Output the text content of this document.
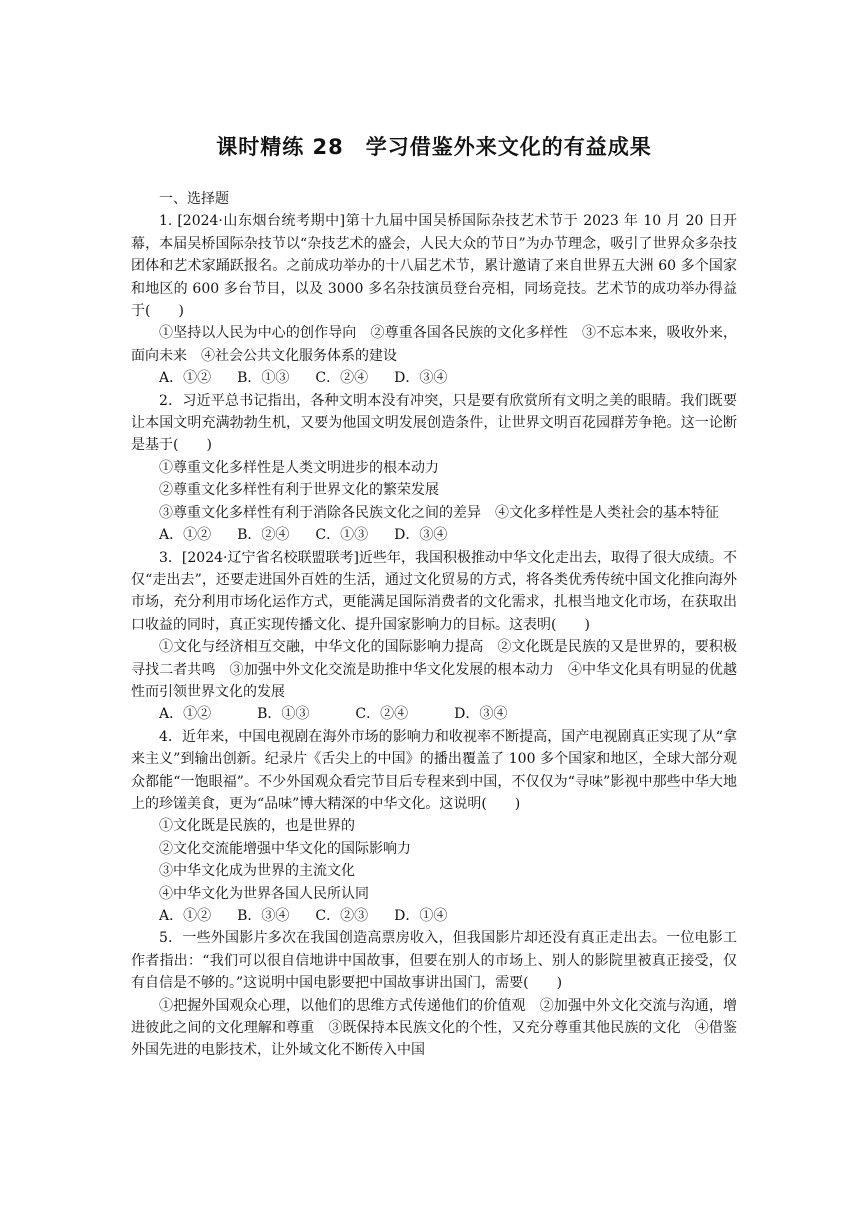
课时精练 28　学习借鉴外来文化的有益成果

一、选择题

1. [2024·山东烟台统考期中]第十九届中国吴桥国际杂技艺术节于 2023 年 10 月 20 日开幕，本届吴桥国际杂技节以“杂技艺术的盛会，人民大众的节日”为办节理念，吸引了世界众多杂技团体和艺术家踊跃报名。之前成功举办的十八届艺术节，累计邀请了来自世界五大洲 60 多个国家和地区的 600 多台节目，以及 3000 多名杂技演员登台亮相，同场竞技。艺术节的成功举办得益于(　　)

①坚持以人民为中心的创作导向　②尊重各国各民族的文化多样性　③不忘本来，吸收外来，面向未来　④社会公共文化服务体系的建设

A．①② B．①③ C．②④ D．③④

2．习近平总书记指出，各种文明本没有冲突，只是要有欣赏所有文明之美的眼睛。我们既要让本国文明充满勃勃生机，又要为他国文明发展创造条件，让世界文明百花园群芳争艳。这一论断是基于(　　)

①尊重文化多样性是人类文明进步的根本动力

②尊重文化多样性有利于世界文化的繁荣发展

③尊重文化多样性有利于消除各民族文化之间的差异　④文化多样性是人类社会的基本特征

A．①② B．②④ C．①③ D．③④

3．[2024·辽宁省名校联盟联考]近些年，我国积极推动中华文化走出去，取得了很大成绩。不仅“走出去”，还要走进国外百姓的生活，通过文化贸易的方式，将各类优秀传统中国文化推向海外市场，充分利用市场化运作方式，更能满足国际消费者的文化需求，扎根当地文化市场，在获取出口收益的同时，真正实现传播文化、提升国家影响力的目标。这表明(　　)

①文化与经济相互交融，中华文化的国际影响力提高　②文化既是民族的又是世界的，要积极寻找二者共鸣　③加强中外文化交流是助推中华文化发展的根本动力　④中华文化具有明显的优越性而引领世界文化的发展

A．①②	B．①③	C．②④	D．③④

4．近年来，中国电视剧在海外市场的影响力和收视率不断提高，国产电视剧真正实现了从“拿来主义”到输出创新。纪录片《舌尖上的中国》的播出覆盖了 100 多个国家和地区，全球大部分观众都能“一饱眼福”。不少外国观众看完节目后专程来到中国，不仅仅为“寻味”影视中那些中华大地上的珍馐美食，更为“品味”博大精深的中华文化。这说明(　　)

①文化既是民族的，也是世界的

②文化交流能增强中华文化的国际影响力

③中华文化成为世界的主流文化

④中华文化为世界各国人民所认同

A．①② B．③④ C．②③ D．①④

5．一些外国影片多次在我国创造高票房收入，但我国影片却还没有真正走出去。一位电影工作者指出：“我们可以很自信地讲中国故事，但要在别人的市场上、别人的影院里被真正接受，仅有自信是不够的。”这说明中国电影要把中国故事讲出国门，需要(　　)

①把握外国观众心理，以他们的思维方式传递他们的价值观　②加强中外文化交流与沟通，增进彼此之间的文化理解和尊重　③既保持本民族文化的个性，又充分尊重其他民族的文化　④借鉴外国先进的电影技术，让外域文化不断传入中国
